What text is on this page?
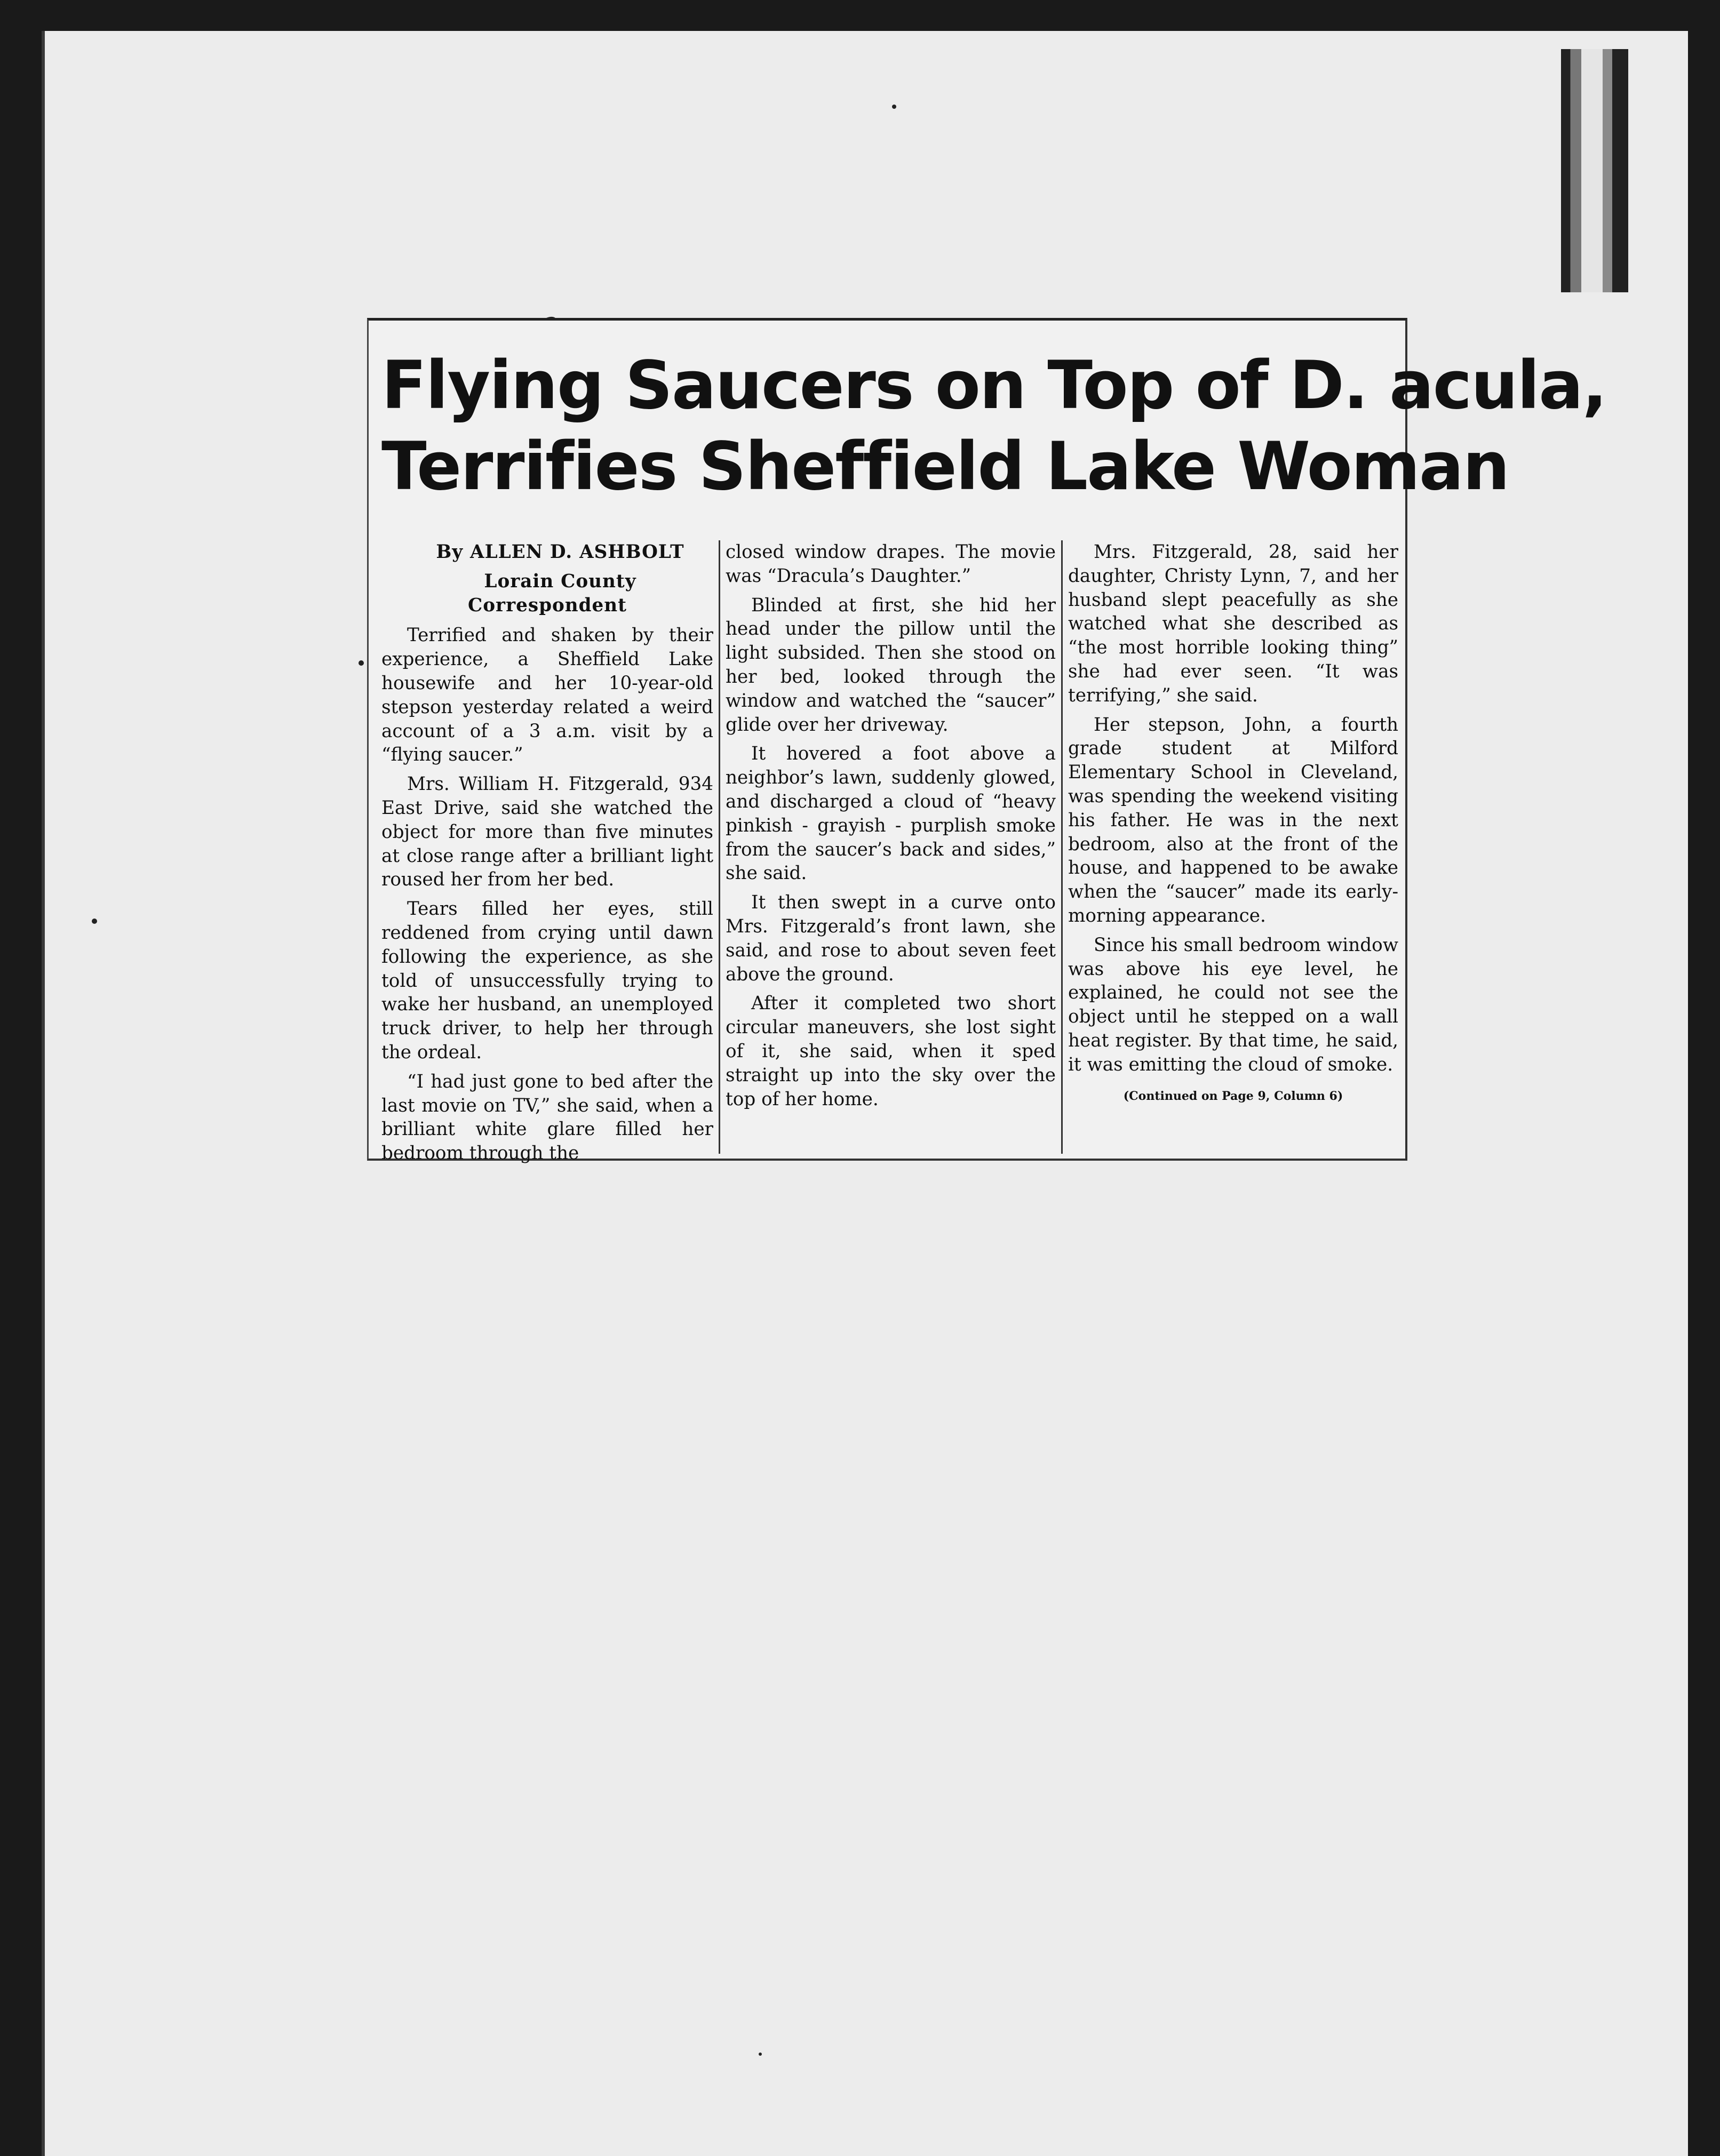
Flying Saucers on Top of D. acula,
Terrifies Sheffield Lake Woman

By ALLEN D. ASHBOLT

Lorain County Correspondent

Terrified and shaken by their experience, a Sheffield Lake housewife and her 10-year-old stepson yesterday related a weird account of a 3 a.m. visit by a “flying saucer.”

Mrs. William H. Fitzgerald, 934 East Drive, said she watched the object for more than five minutes at close range after a brilliant light roused her from her bed.

Tears filled her eyes, still reddened from crying until dawn following the experience, as she told of unsuccessfully trying to wake her husband, an unemployed truck driver, to help her through the ordeal.

“I had just gone to bed after the last movie on TV,” she said, when a brilliant white glare filled her bedroom through the

closed window drapes. The movie was “Dracula’s Daughter.”

Blinded at first, she hid her head under the pillow until the light subsided. Then she stood on her bed, looked through the window and watched the “saucer” glide over her driveway.

It hovered a foot above a neighbor’s lawn, suddenly glowed, and discharged a cloud of “heavy pinkish - grayish - purplish smoke from the saucer’s back and sides,” she said.

It then swept in a curve onto Mrs. Fitzgerald’s front lawn, she said, and rose to about seven feet above the ground.

After it completed two short circular maneuvers, she lost sight of it, she said, when it sped straight up into the sky over the top of her home.

Mrs. Fitzgerald, 28, said her daughter, Christy Lynn, 7, and her husband slept peacefully as she watched what she described as “the most horrible looking thing” she had ever seen. “It was terrifying,” she said.

Her stepson, John, a fourth grade student at Milford Elementary School in Cleveland, was spending the weekend visiting his father. He was in the next bedroom, also at the front of the house, and happened to be awake when the “saucer” made its early-morning appearance.

Since his small bedroom window was above his eye level, he explained, he could not see the object until he stepped on a wall heat register. By that time, he said, it was emitting the cloud of smoke.

(Continued on Page 9, Column 6)
